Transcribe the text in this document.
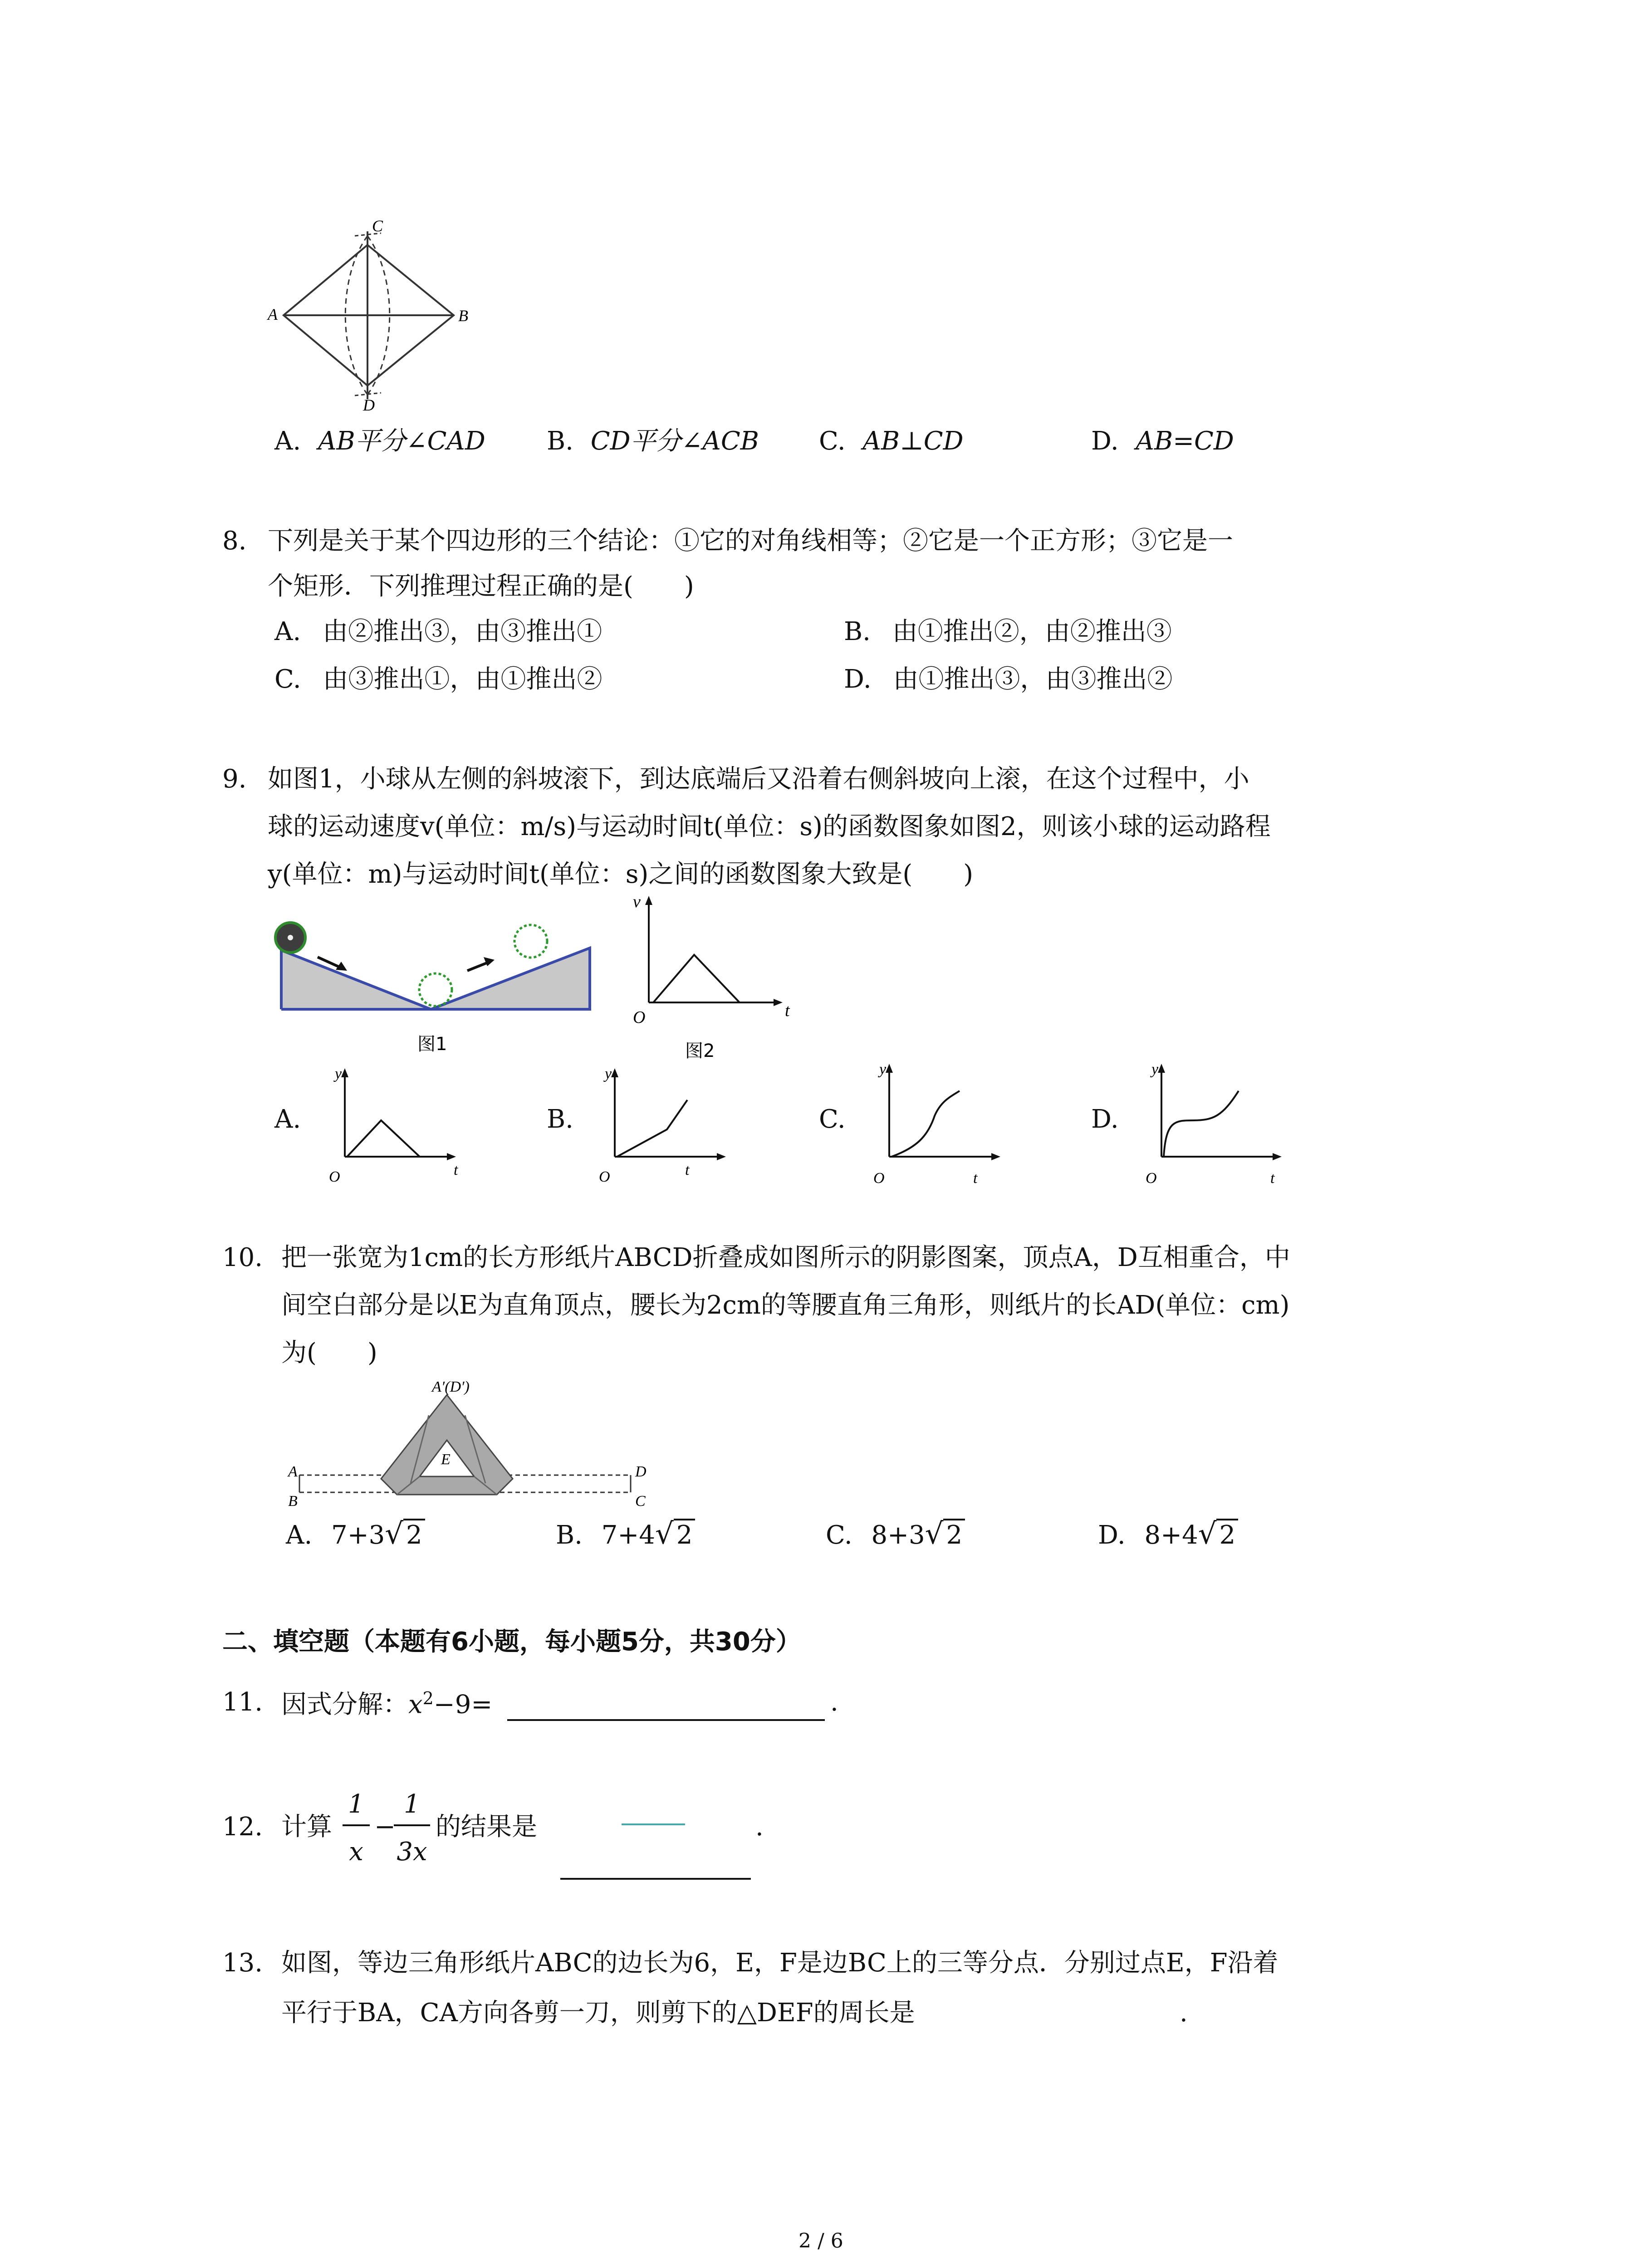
C
A	B
D
A. AB平分∠CAD B. CD平分∠ACB C. AB⊥CD	D. AB=CD
8. 下列是关于某个四边形的三个结论：①它的对角线相等；②它是一个正方形；③它是一
个矩形．下列推理过程正确的是(　　)
A. 由②推出③，由③推出①	B. 由①推出②，由②推出③
C. 由③推出①，由①推出②	D. 由①推出③，由③推出②
9. 如图1，小球从左侧的斜坡滚下，到达底端后又沿着右侧斜坡向上滚，在这个过程中，小
球的运动速度v(单位：m/s)与运动时间t(单位：s)的函数图象如图2，则该小球的运动路程
y(单位：m)与运动时间t(单位：s)之间的函数图象大致是(　　)
图1
v
O	t
图2
A.
y
O	t
B.
y
O	t
C.
y
O	t
D.
y
O	t
10. 把一张宽为1cm的长方形纸片ABCD折叠成如图所示的阴影图案，顶点A，D互相重合，中
间空白部分是以E为直角顶点，腰长为2cm的等腰直角三角形，则纸片的长AD(单位：cm)
为(　　)
A′(D′)
E
A
B
D
C
A. 7+3√ 2	B. 7+4√ 2	C. 8+3√ 2	D. 8+4√ 2
二、填空题（本题有6小题，每小题5分，共30分）
11. 因式分解：$x^2-9=$	.
12. 计算
1
x
−
1
3x
的结果是	.
13. 如图，等边三角形纸片ABC的边长为6，E，F是边BC上的三等分点．分别过点E，F沿着
平行于BA，CA方向各剪一刀，则剪下的△DEF的周长是	.
2 / 6
